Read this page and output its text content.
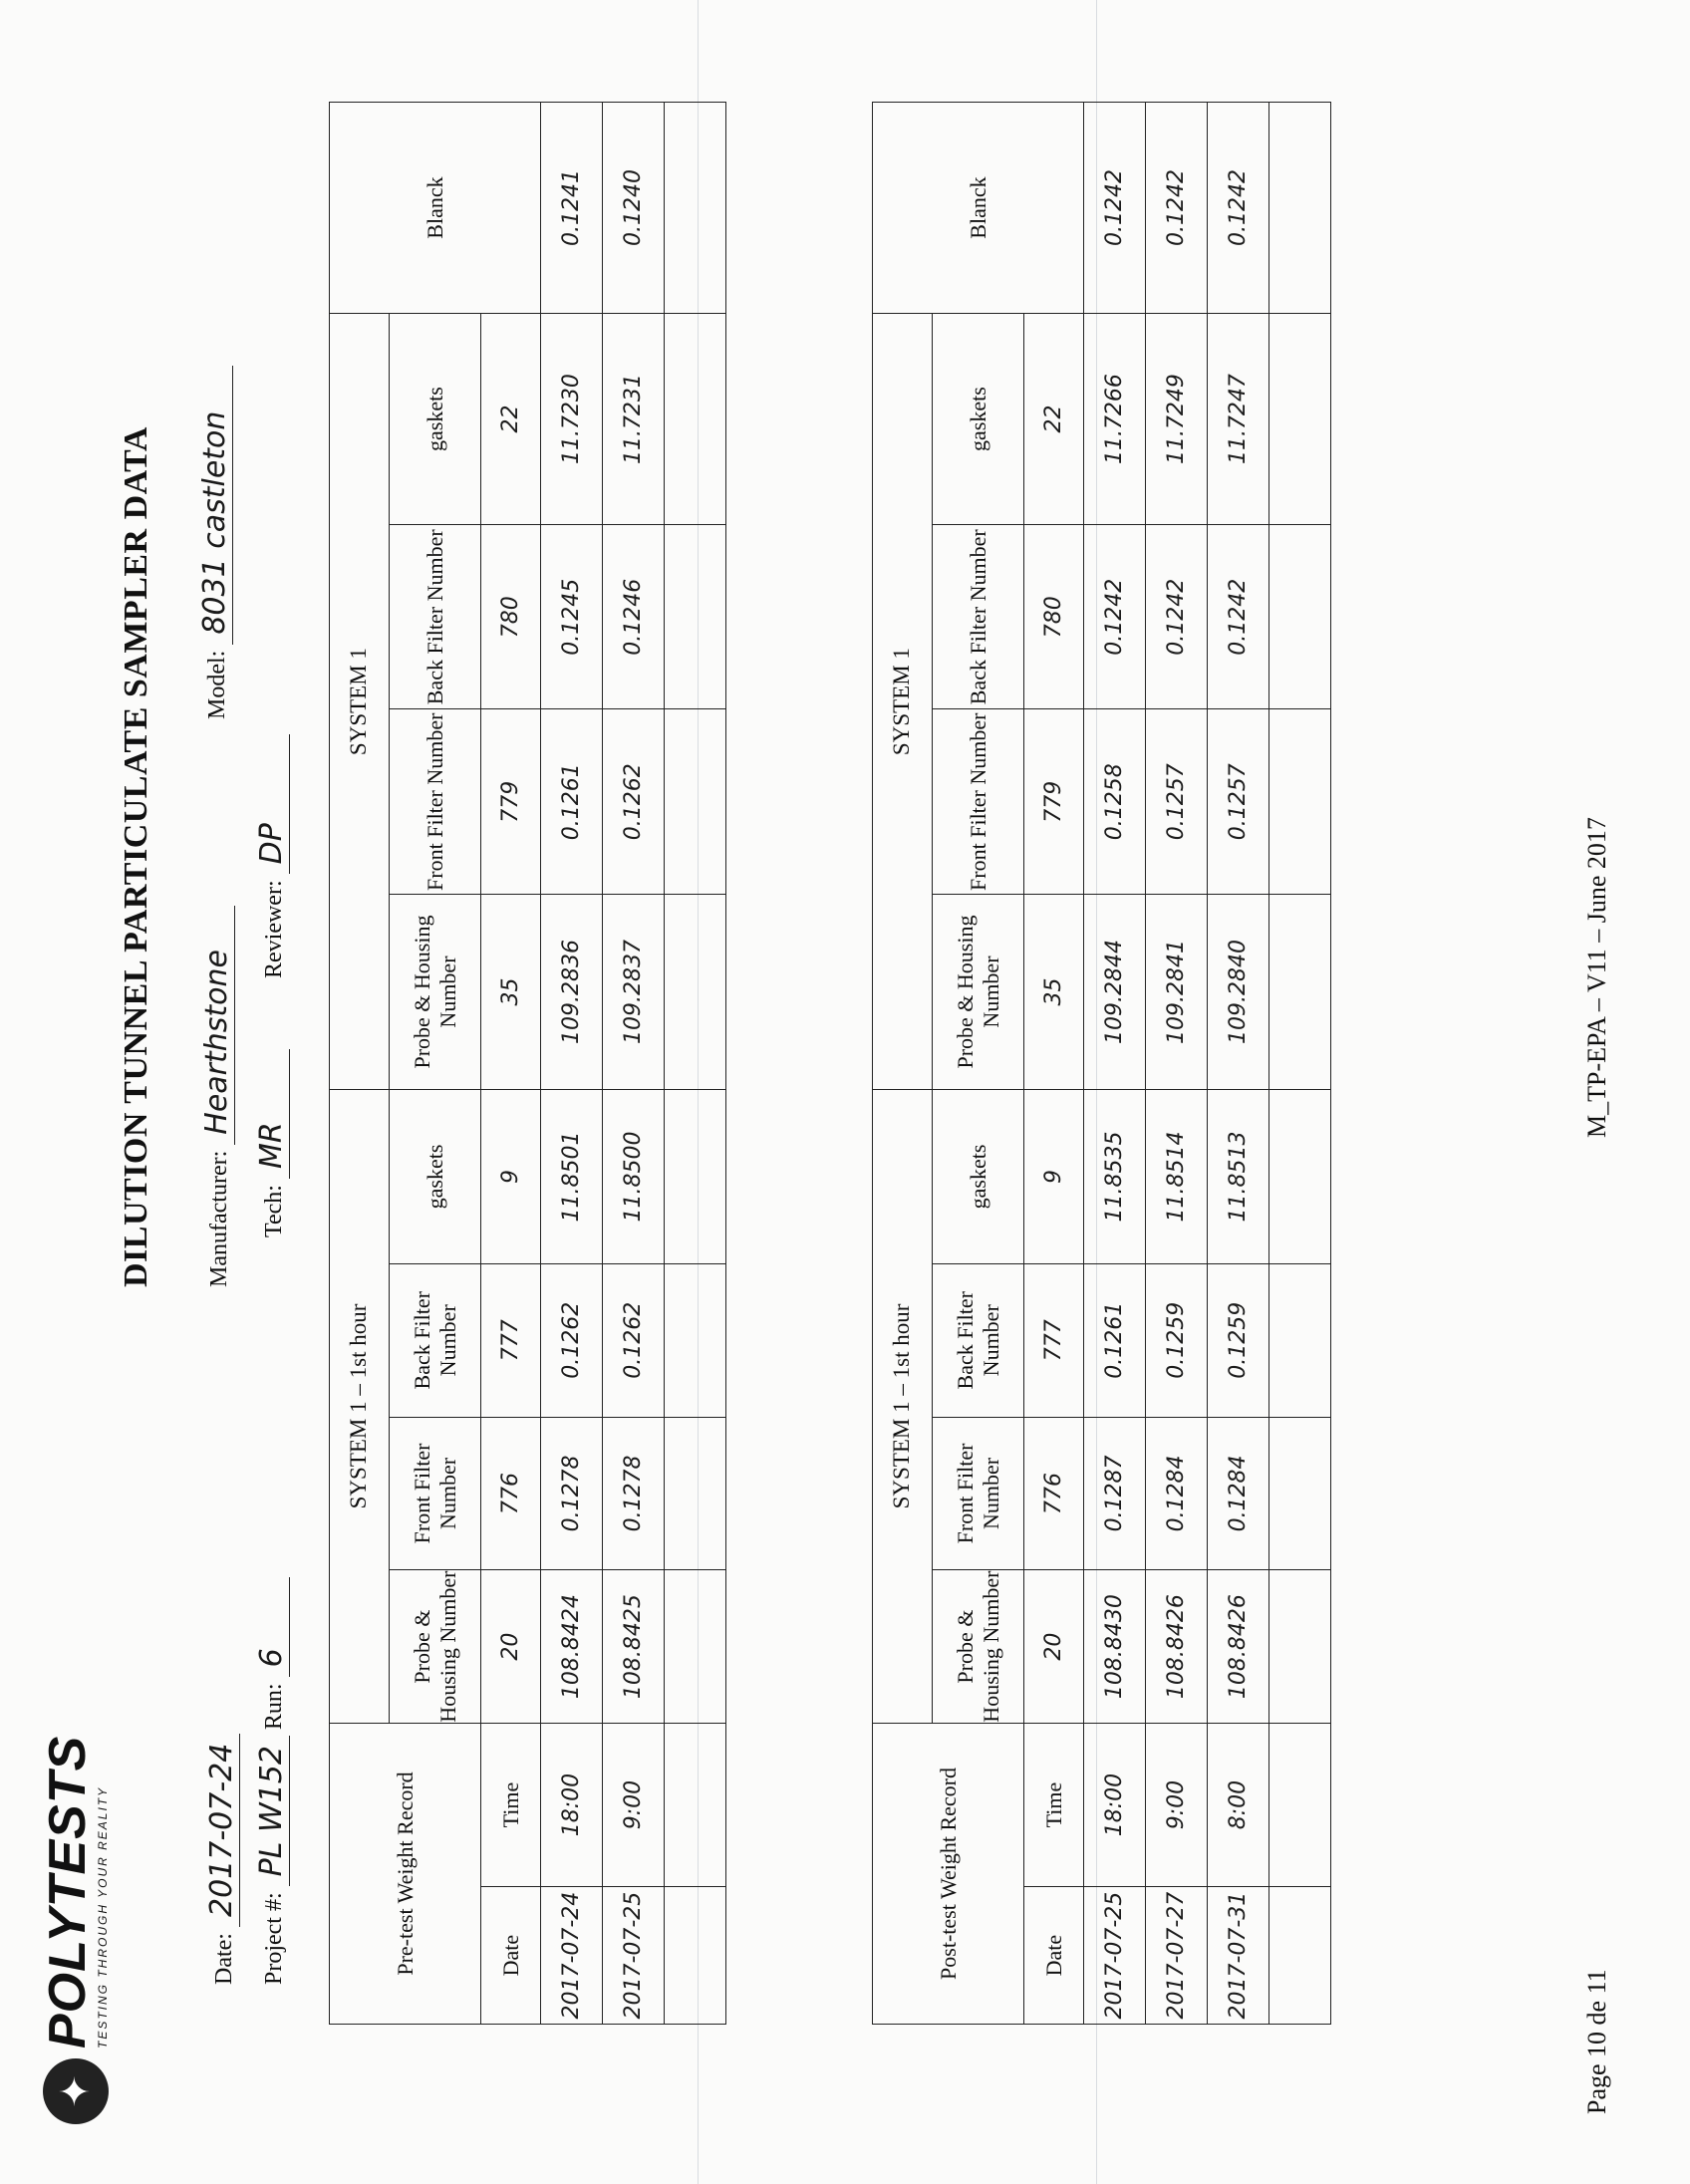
✦
POLYTESTS TESTING THROUGH YOUR REALITY
DILUTION TUNNEL PARTICULATE SAMPLER DATA
Date: 2017-07-24
Manufacturer: Hearthstone
Model: 8031 castleton
Project #: PL W152 Run: 6
Tech: MR
Reviewer: DP
Pre-test Weight Record		SYSTEM 1 – 1st hour				SYSTEM 1				Blanck
		Probe & Housing Number	Front Filter Number	Back Filter Number	gaskets	Probe & Housing Number	Front Filter Number	Back Filter Number	gaskets	
Date	Time	20	776	777	9	35	779	780	22	
2017-07-24	18:00	108.8424	0.1278	0.1262	11.8501	109.2836	0.1261	0.1245	11.7230	0.1241
2017-07-25	9:00	108.8425	0.1278	0.1262	11.8500	109.2837	0.1262	0.1246	11.7231	0.1240

Post-test Weight Record		SYSTEM 1 – 1st hour				SYSTEM 1				Blanck
		Probe & Housing Number	Front Filter Number	Back Filter Number	gaskets	Probe & Housing Number	Front Filter Number	Back Filter Number	gaskets	
Date	Time	20	776	777	9	35	779	780	22	
2017-07-25	18:00	108.8430	0.1287	0.1261	11.8535	109.2844	0.1258	0.1242	11.7266	0.1242
2017-07-27	9:00	108.8426	0.1284	0.1259	11.8514	109.2841	0.1257	0.1242	11.7249	0.1242
2017-07-31	8:00	108.8426	0.1284	0.1259	11.8513	109.2840	0.1257	0.1242	11.7247	0.1242

Page 10 de 11
M_TP-EPA – V11 – June 2017
